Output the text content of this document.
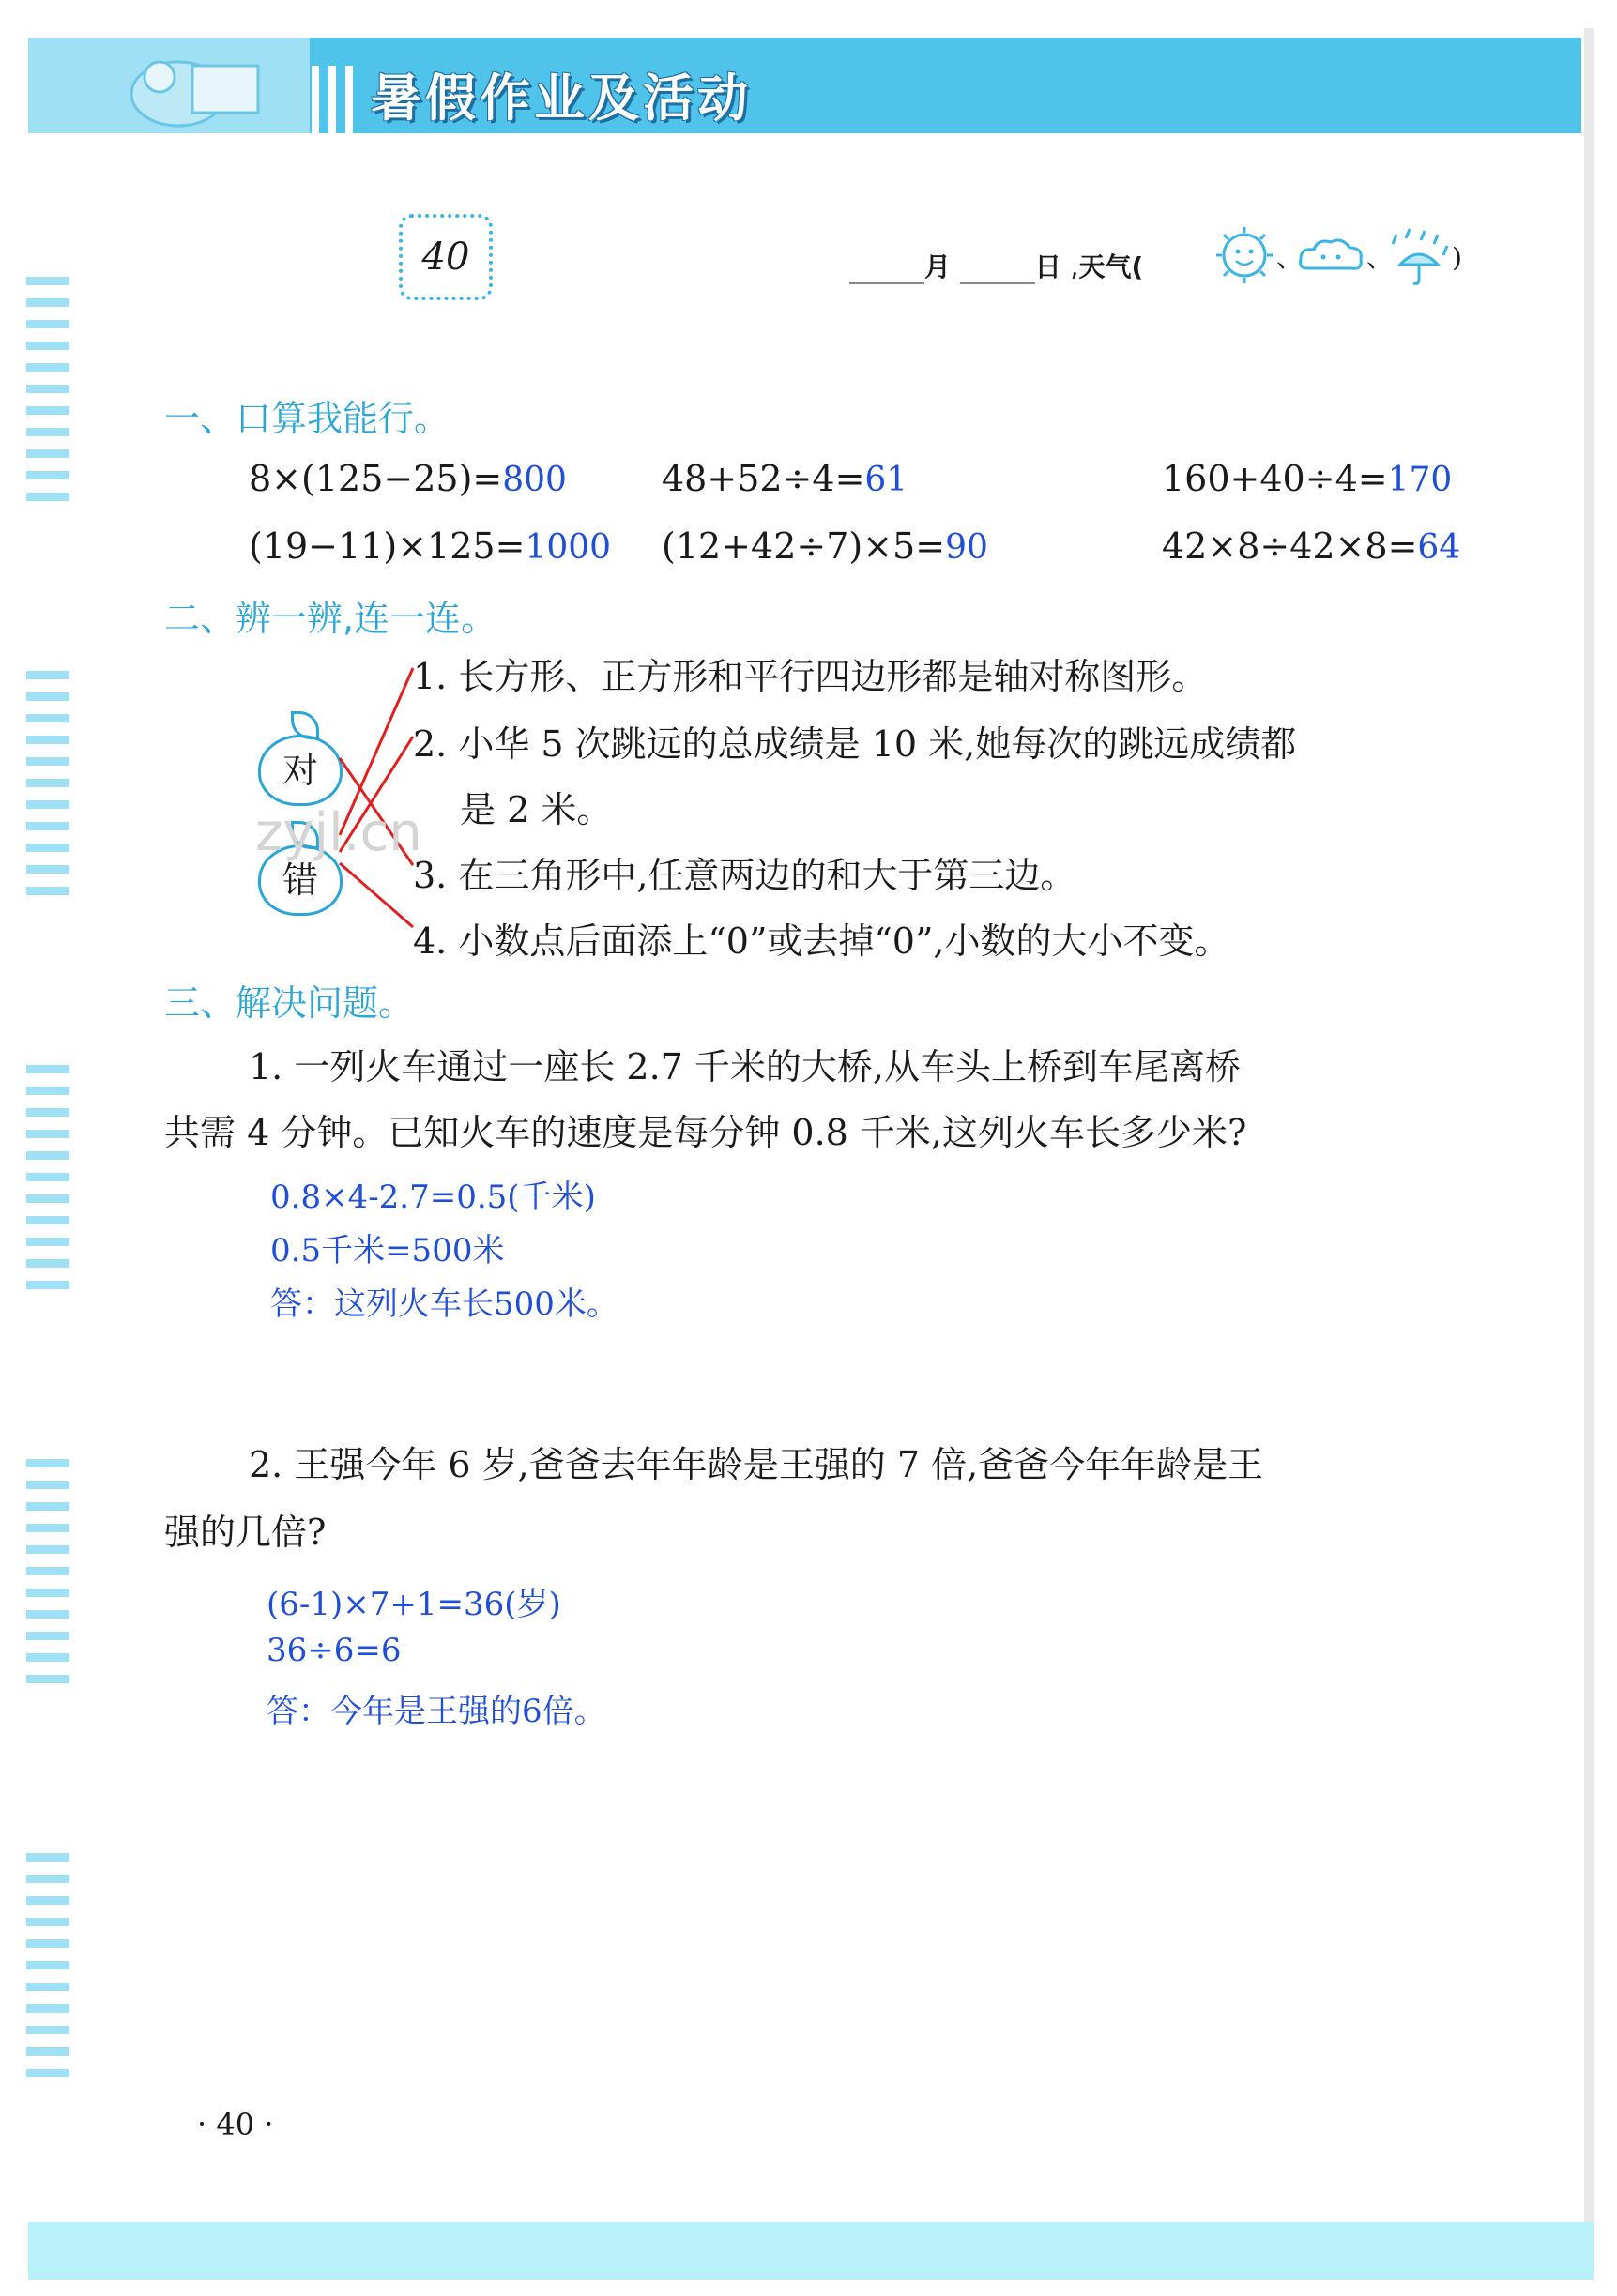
暑假作业及活动
40	月	日 ,天气(	、 、 )
一、口算我能行。
8×(125−25)=800	48+52÷4=61	160+40÷4=170
(19−11)×125=1000 (12+42÷7)×5=90	42×8÷42×8=64
二、辨一辨,连一连。
对
错
1. 长方形、正方形和平行四边形都是轴对称图形。
2. 小华 5 次跳远的总成绩是 10 米,她每次的跳远成绩都
是 2 米。
3. 在三角形中,任意两边的和大于第三边。
4. 小数点后面添上“0”或去掉“0”,小数的大小不变。
zyjl.cn
三、解决问题。
1. 一列火车通过一座长 2.7 千米的大桥,从车头上桥到车尾离桥
共需 4 分钟。已知火车的速度是每分钟 0.8 千米,这列火车长多少米?
0.8×4-2.7=0.5(千米)
0.5千米=500米
答：这列火车长500米。
2. 王强今年 6 岁,爸爸去年年龄是王强的 7 倍,爸爸今年年龄是王
强的几倍?
(6-1)×7+1=36(岁)
36÷6=6
答：今年是王强的6倍。
· 40 ·
